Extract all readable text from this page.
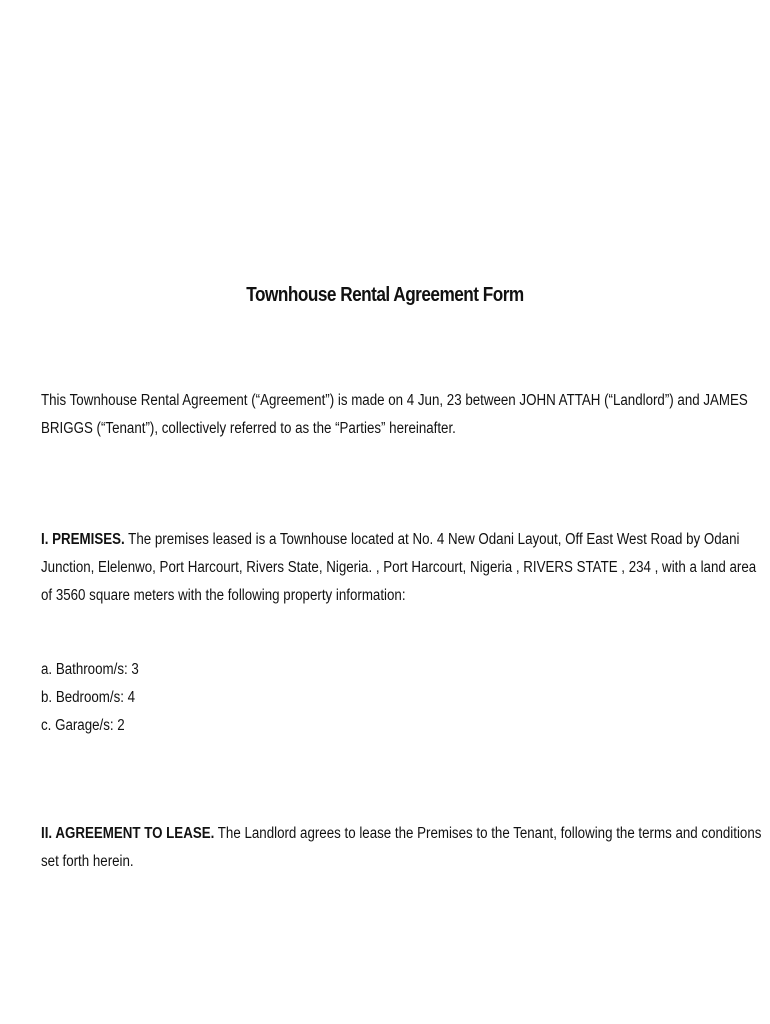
Townhouse Rental Agreement Form

This Townhouse Rental Agreement (“Agreement”) is made on 4 Jun, 23 between JOHN ATTAH (“Landlord”) and JAMES
BRIGGS (“Tenant”), collectively referred to as the “Parties” hereinafter.

I. PREMISES. The premises leased is a Townhouse located at No. 4 New Odani Layout, Off East West Road by Odani
Junction, Elelenwo, Port Harcourt, Rivers State, Nigeria. , Port Harcourt, Nigeria , RIVERS STATE , 234 , with a land area
of 3560 square meters with the following property information:

a. Bathroom/s: 3
b. Bedroom/s: 4
c. Garage/s: 2

II. AGREEMENT TO LEASE. The Landlord agrees to lease the Premises to the Tenant, following the terms and conditions
set forth herein.
